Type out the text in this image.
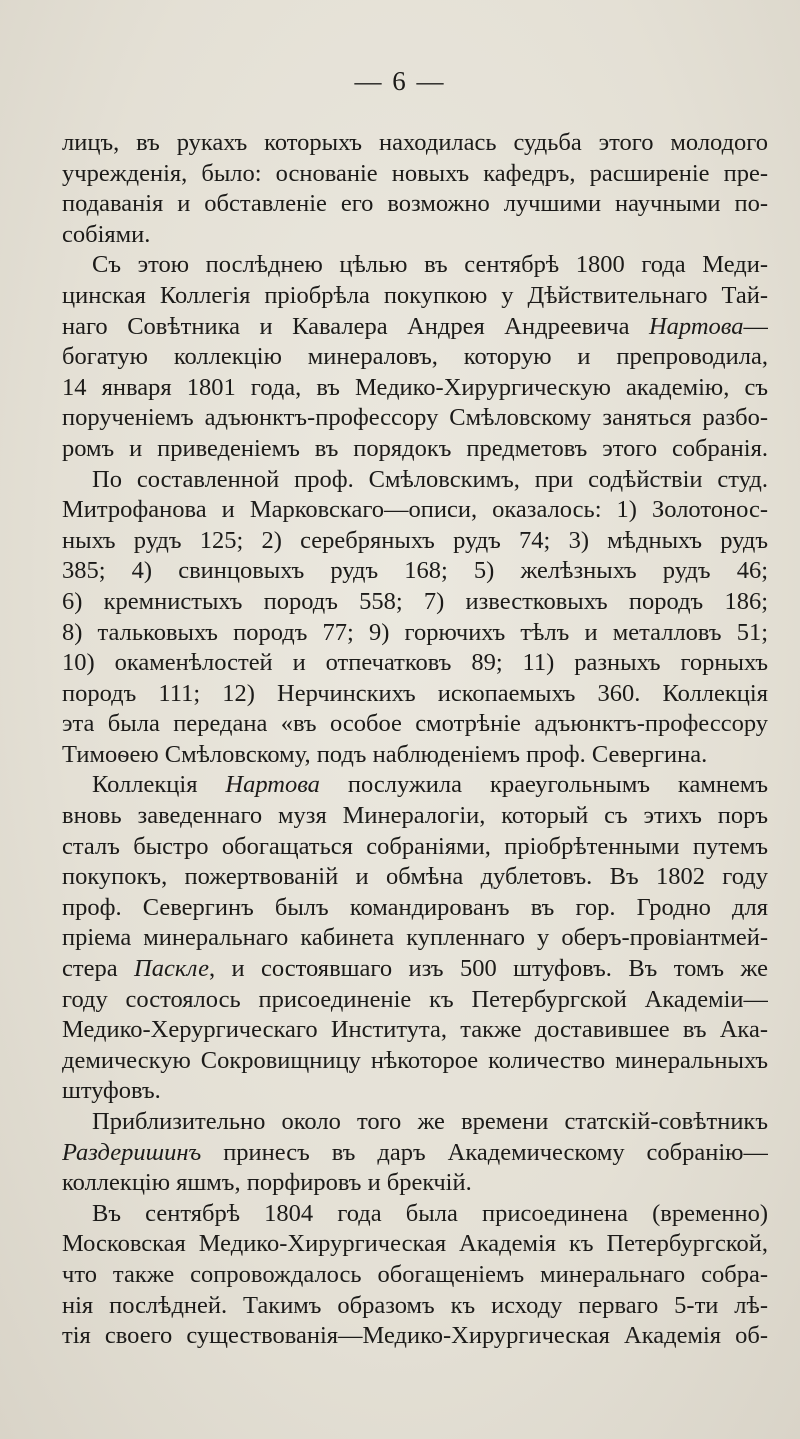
— 6 —
лицъ, въ рукахъ которыхъ находилась судьба этого молодого
учрежденія, было: основаніе новыхъ кафедръ, расширеніе пре-
подаванія и обставленіе его возможно лучшими научными по-
собіями.
Съ этою послѣднею цѣлью въ сентябрѣ 1800 года Меди-
цинская Коллегія пріобрѣла покупкою у Дѣйствительнаго Тай-
наго Совѣтника и Кавалера Андрея Андреевича Нартова—
богатую коллекцію минераловъ, которую и препроводила,
14 января 1801 года, въ Медико-Хирургическую академію, съ
порученіемъ адъюнктъ-профессору Смѣловскому заняться разбо-
ромъ и приведеніемъ въ порядокъ предметовъ этого собранія.
По составленной проф. Смѣловскимъ, при содѣйствіи студ.
Митрофанова и Марковскаго—описи, оказалось: 1) Золотонос-
ныхъ рудъ 125; 2) серебряныхъ рудъ 74; 3) мѣдныхъ рудъ
385; 4) свинцовыхъ рудъ 168; 5) желѣзныхъ рудъ 46;
6) кремнистыхъ породъ 558; 7) известковыхъ породъ 186;
8) тальковыхъ породъ 77; 9) горючихъ тѣлъ и металловъ 51;
10) окаменѣлостей и отпечатковъ 89; 11) разныхъ горныхъ
породъ 111; 12) Нерчинскихъ ископаемыхъ 360. Коллекція
эта была передана «въ особое смотрѣніе адъюнктъ-профессору
Тимоѳею Смѣловскому, подъ наблюденіемъ проф. Севергина.
Коллекція Нартова послужила краеугольнымъ камнемъ
вновь заведеннаго музя Минералогіи, который съ этихъ поръ
сталъ быстро обогащаться собраніями, пріобрѣтенными путемъ
покупокъ, пожертвованій и обмѣна дублетовъ. Въ 1802 году
проф. Севергинъ былъ командированъ въ гор. Гродно для
пріема минеральнаго кабинета купленнаго у оберъ-провіантмей-
стера Паскле, и состоявшаго изъ 500 штуфовъ. Въ томъ же
году состоялось присоединеніе къ Петербургской Академіи—
Медико-Херургическаго Института, также доставившее въ Ака-
демическую Сокровищницу нѣкоторое количество минеральныхъ
штуфовъ.
Приблизительно около того же времени статскій-совѣтникъ
Раздеришинъ принесъ въ даръ Академическому собранію—
коллекцію яшмъ, порфировъ и брекчій.
Въ сентябрѣ 1804 года была присоединена (временно)
Московская Медико-Хирургическая Академія къ Петербургской,
что также сопровождалось обогащеніемъ минеральнаго собра-
нія послѣдней. Такимъ образомъ къ исходу перваго 5-ти лѣ-
тія своего существованія—Медико-Хирургическая Академія об-
